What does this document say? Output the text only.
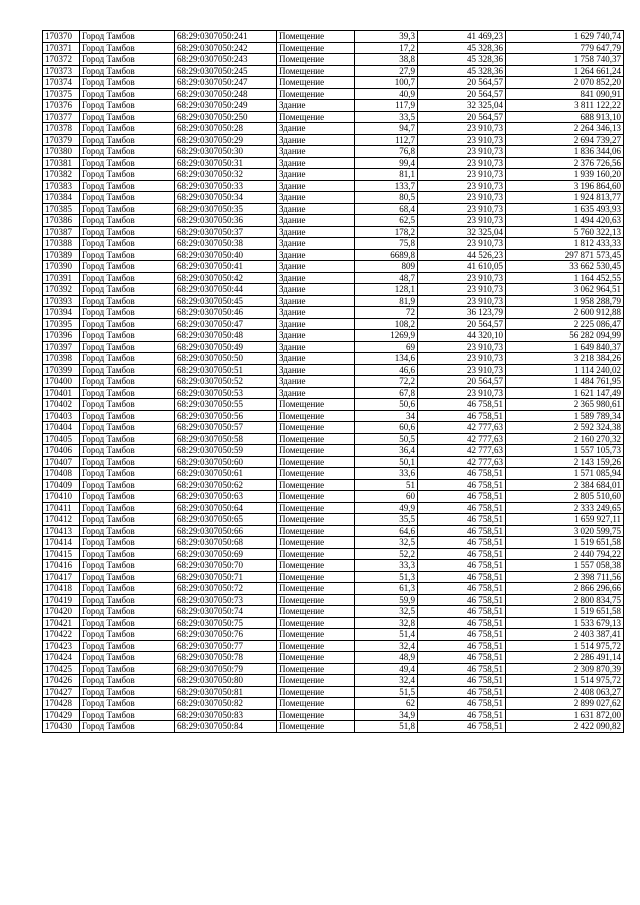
170370	Город Тамбов	68:29:0307050:241	Помещение	39,3	41 469,23	1 629 740,74
170371	Город Тамбов	68:29:0307050:242	Помещение	17,2	45 328,36	779 647,79
170372	Город Тамбов	68:29:0307050:243	Помещение	38,8	45 328,36	1 758 740,37
170373	Город Тамбов	68:29:0307050:245	Помещение	27,9	45 328,36	1 264 661,24
170374	Город Тамбов	68:29:0307050:247	Помещение	100,7	20 564,57	2 070 852,20
170375	Город Тамбов	68:29:0307050:248	Помещение	40,9	20 564,57	841 090,91
170376	Город Тамбов	68:29:0307050:249	Здание	117,9	32 325,04	3 811 122,22
170377	Город Тамбов	68:29:0307050:250	Помещение	33,5	20 564,57	688 913,10
170378	Город Тамбов	68:29:0307050:28	Здание	94,7	23 910,73	2 264 346,13
170379	Город Тамбов	68:29:0307050:29	Здание	112,7	23 910,73	2 694 739,27
170380	Город Тамбов	68:29:0307050:30	Здание	76,8	23 910,73	1 836 344,06
170381	Город Тамбов	68:29:0307050:31	Здание	99,4	23 910,73	2 376 726,56
170382	Город Тамбов	68:29:0307050:32	Здание	81,1	23 910,73	1 939 160,20
170383	Город Тамбов	68:29:0307050:33	Здание	133,7	23 910,73	3 196 864,60
170384	Город Тамбов	68:29:0307050:34	Здание	80,5	23 910,73	1 924 813,77
170385	Город Тамбов	68:29:0307050:35	Здание	68,4	23 910,73	1 635 493,93
170386	Город Тамбов	68:29:0307050:36	Здание	62,5	23 910,73	1 494 420,63
170387	Город Тамбов	68:29:0307050:37	Здание	178,2	32 325,04	5 760 322,13
170388	Город Тамбов	68:29:0307050:38	Здание	75,8	23 910,73	1 812 433,33
170389	Город Тамбов	68:29:0307050:40	Здание	6689,8	44 526,23	297 871 573,45
170390	Город Тамбов	68:29:0307050:41	Здание	809	41 610,05	33 662 530,45
170391	Город Тамбов	68:29:0307050:42	Здание	48,7	23 910,73	1 164 452,55
170392	Город Тамбов	68:29:0307050:44	Здание	128,1	23 910,73	3 062 964,51
170393	Город Тамбов	68:29:0307050:45	Здание	81,9	23 910,73	1 958 288,79
170394	Город Тамбов	68:29:0307050:46	Здание	72	36 123,79	2 600 912,88
170395	Город Тамбов	68:29:0307050:47	Здание	108,2	20 564,57	2 225 086,47
170396	Город Тамбов	68:29:0307050:48	Здание	1269,9	44 320,10	56 282 094,99
170397	Город Тамбов	68:29:0307050:49	Здание	69	23 910,73	1 649 840,37
170398	Город Тамбов	68:29:0307050:50	Здание	134,6	23 910,73	3 218 384,26
170399	Город Тамбов	68:29:0307050:51	Здание	46,6	23 910,73	1 114 240,02
170400	Город Тамбов	68:29:0307050:52	Здание	72,2	20 564,57	1 484 761,95
170401	Город Тамбов	68:29:0307050:53	Здание	67,8	23 910,73	1 621 147,49
170402	Город Тамбов	68:29:0307050:55	Помещение	50,6	46 758,51	2 365 980,61
170403	Город Тамбов	68:29:0307050:56	Помещение	34	46 758,51	1 589 789,34
170404	Город Тамбов	68:29:0307050:57	Помещение	60,6	42 777,63	2 592 324,38
170405	Город Тамбов	68:29:0307050:58	Помещение	50,5	42 777,63	2 160 270,32
170406	Город Тамбов	68:29:0307050:59	Помещение	36,4	42 777,63	1 557 105,73
170407	Город Тамбов	68:29:0307050:60	Помещение	50,1	42 777,63	2 143 159,26
170408	Город Тамбов	68:29:0307050:61	Помещение	33,6	46 758,51	1 571 085,94
170409	Город Тамбов	68:29:0307050:62	Помещение	51	46 758,51	2 384 684,01
170410	Город Тамбов	68:29:0307050:63	Помещение	60	46 758,51	2 805 510,60
170411	Город Тамбов	68:29:0307050:64	Помещение	49,9	46 758,51	2 333 249,65
170412	Город Тамбов	68:29:0307050:65	Помещение	35,5	46 758,51	1 659 927,11
170413	Город Тамбов	68:29:0307050:66	Помещение	64,6	46 758,51	3 020 599,75
170414	Город Тамбов	68:29:0307050:68	Помещение	32,5	46 758,51	1 519 651,58
170415	Город Тамбов	68:29:0307050:69	Помещение	52,2	46 758,51	2 440 794,22
170416	Город Тамбов	68:29:0307050:70	Помещение	33,3	46 758,51	1 557 058,38
170417	Город Тамбов	68:29:0307050:71	Помещение	51,3	46 758,51	2 398 711,56
170418	Город Тамбов	68:29:0307050:72	Помещение	61,3	46 758,51	2 866 296,66
170419	Город Тамбов	68:29:0307050:73	Помещение	59,9	46 758,51	2 800 834,75
170420	Город Тамбов	68:29:0307050:74	Помещение	32,5	46 758,51	1 519 651,58
170421	Город Тамбов	68:29:0307050:75	Помещение	32,8	46 758,51	1 533 679,13
170422	Город Тамбов	68:29:0307050:76	Помещение	51,4	46 758,51	2 403 387,41
170423	Город Тамбов	68:29:0307050:77	Помещение	32,4	46 758,51	1 514 975,72
170424	Город Тамбов	68:29:0307050:78	Помещение	48,9	46 758,51	2 286 491,14
170425	Город Тамбов	68:29:0307050:79	Помещение	49,4	46 758,51	2 309 870,39
170426	Город Тамбов	68:29:0307050:80	Помещение	32,4	46 758,51	1 514 975,72
170427	Город Тамбов	68:29:0307050:81	Помещение	51,5	46 758,51	2 408 063,27
170428	Город Тамбов	68:29:0307050:82	Помещение	62	46 758,51	2 899 027,62
170429	Город Тамбов	68:29:0307050:83	Помещение	34,9	46 758,51	1 631 872,00
170430	Город Тамбов	68:29:0307050:84	Помещение	51,8	46 758,51	2 422 090,82
